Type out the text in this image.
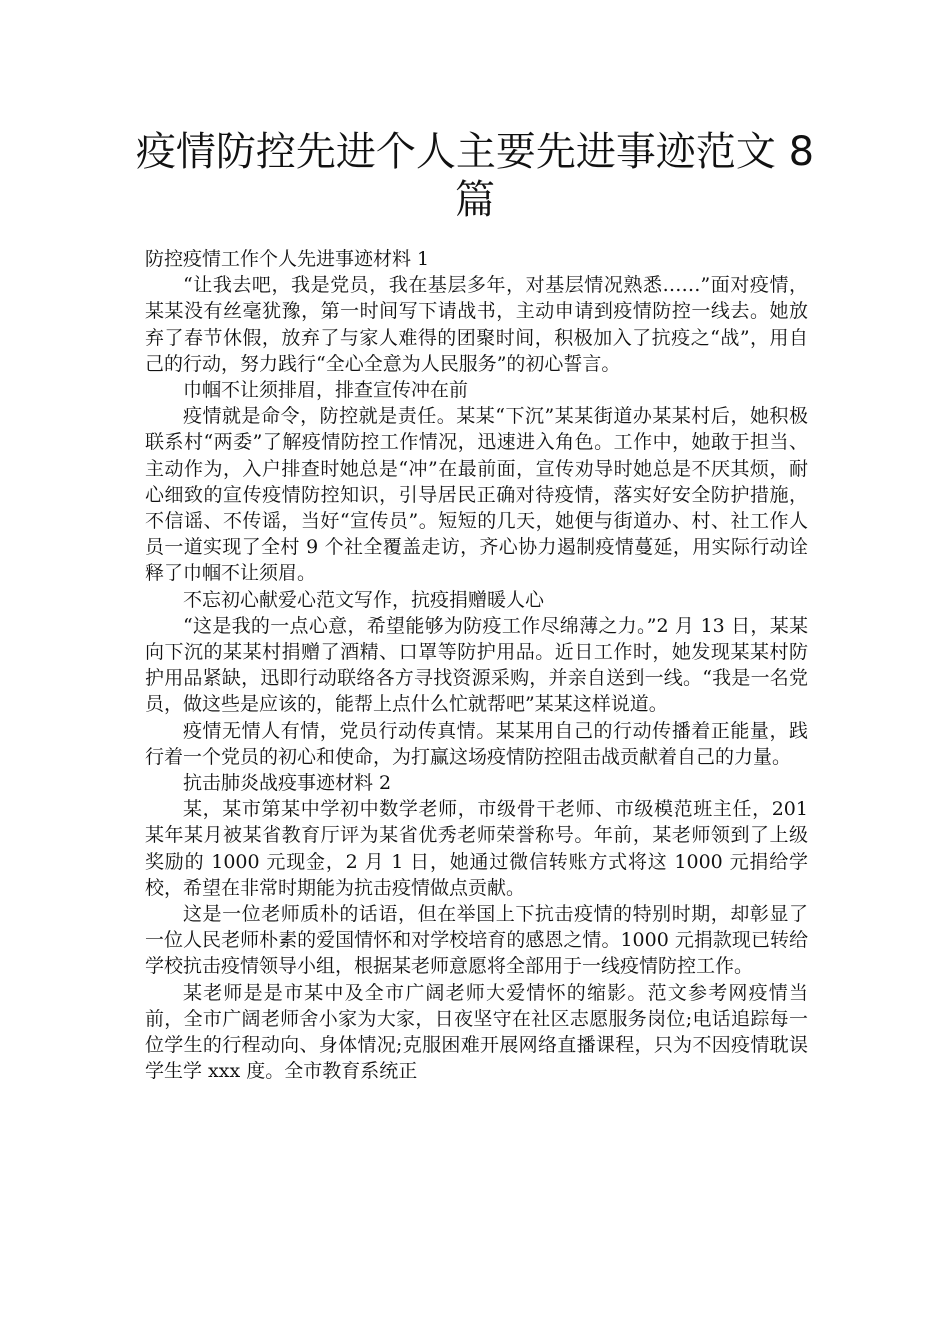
疫情防控先进个人主要先进事迹范文 8 篇

防控疫情工作个人先进事迹材料 1

“让我去吧，我是党员，我在基层多年，对基层情况熟悉……”面对疫情，某某没有丝毫犹豫，第一时间写下请战书，主动申请到疫情防控一线去。她放弃了春节休假，放弃了与家人难得的团聚时间，积极加入了抗疫之“战”，用自己的行动，努力践行“全心全意为人民服务”的初心誓言。

巾帼不让须排眉，排查宣传冲在前

疫情就是命令，防控就是责任。某某“下沉”某某街道办某某村后，她积极联系村“两委”了解疫情防控工作情况，迅速进入角色。工作中，她敢于担当、主动作为，入户排查时她总是“冲”在最前面，宣传劝导时她总是不厌其烦，耐心细致的宣传疫情防控知识，引导居民正确对待疫情，落实好安全防护措施，不信谣、不传谣，当好“宣传员”。短短的几天，她便与街道办、村、社工作人员一道实现了全村 9 个社全覆盖走访，齐心协力遏制疫情蔓延，用实际行动诠释了巾帼不让须眉。

不忘初心献爱心范文写作，抗疫捐赠暖人心

“这是我的一点心意，希望能够为防疫工作尽绵薄之力。”2 月 13 日，某某向下沉的某某村捐赠了酒精、口罩等防护用品。近日工作时，她发现某某村防护用品紧缺，迅即行动联络各方寻找资源采购，并亲自送到一线。“我是一名党员，做这些是应该的，能帮上点什么忙就帮吧”某某这样说道。

疫情无情人有情，党员行动传真情。某某用自己的行动传播着正能量，践行着一个党员的初心和使命，为打赢这场疫情防控阻击战贡献着自己的力量。

抗击肺炎战疫事迹材料 2

某，某市第某中学初中数学老师，市级骨干老师、市级模范班主任，201 某年某月被某省教育厅评为某省优秀老师荣誉称号。年前，某老师领到了上级奖励的 1000 元现金，2 月 1 日，她通过微信转账方式将这 1000 元捐给学校，希望在非常时期能为抗击疫情做点贡献。

这是一位老师质朴的话语，但在举国上下抗击疫情的特别时期，却彰显了一位人民老师朴素的爱国情怀和对学校培育的感恩之情。1000 元捐款现已转给学校抗击疫情领导小组，根据某老师意愿将全部用于一线疫情防控工作。

某老师是是市某中及全市广阔老师大爱情怀的缩影。范文参考网疫情当前，全市广阔老师舍小家为大家，日夜坚守在社区志愿服务岗位;电话追踪每一位学生的行程动向、身体情况;克服困难开展网络直播课程，只为不因疫情耽误学生学 xxx 度。全市教育系统正
